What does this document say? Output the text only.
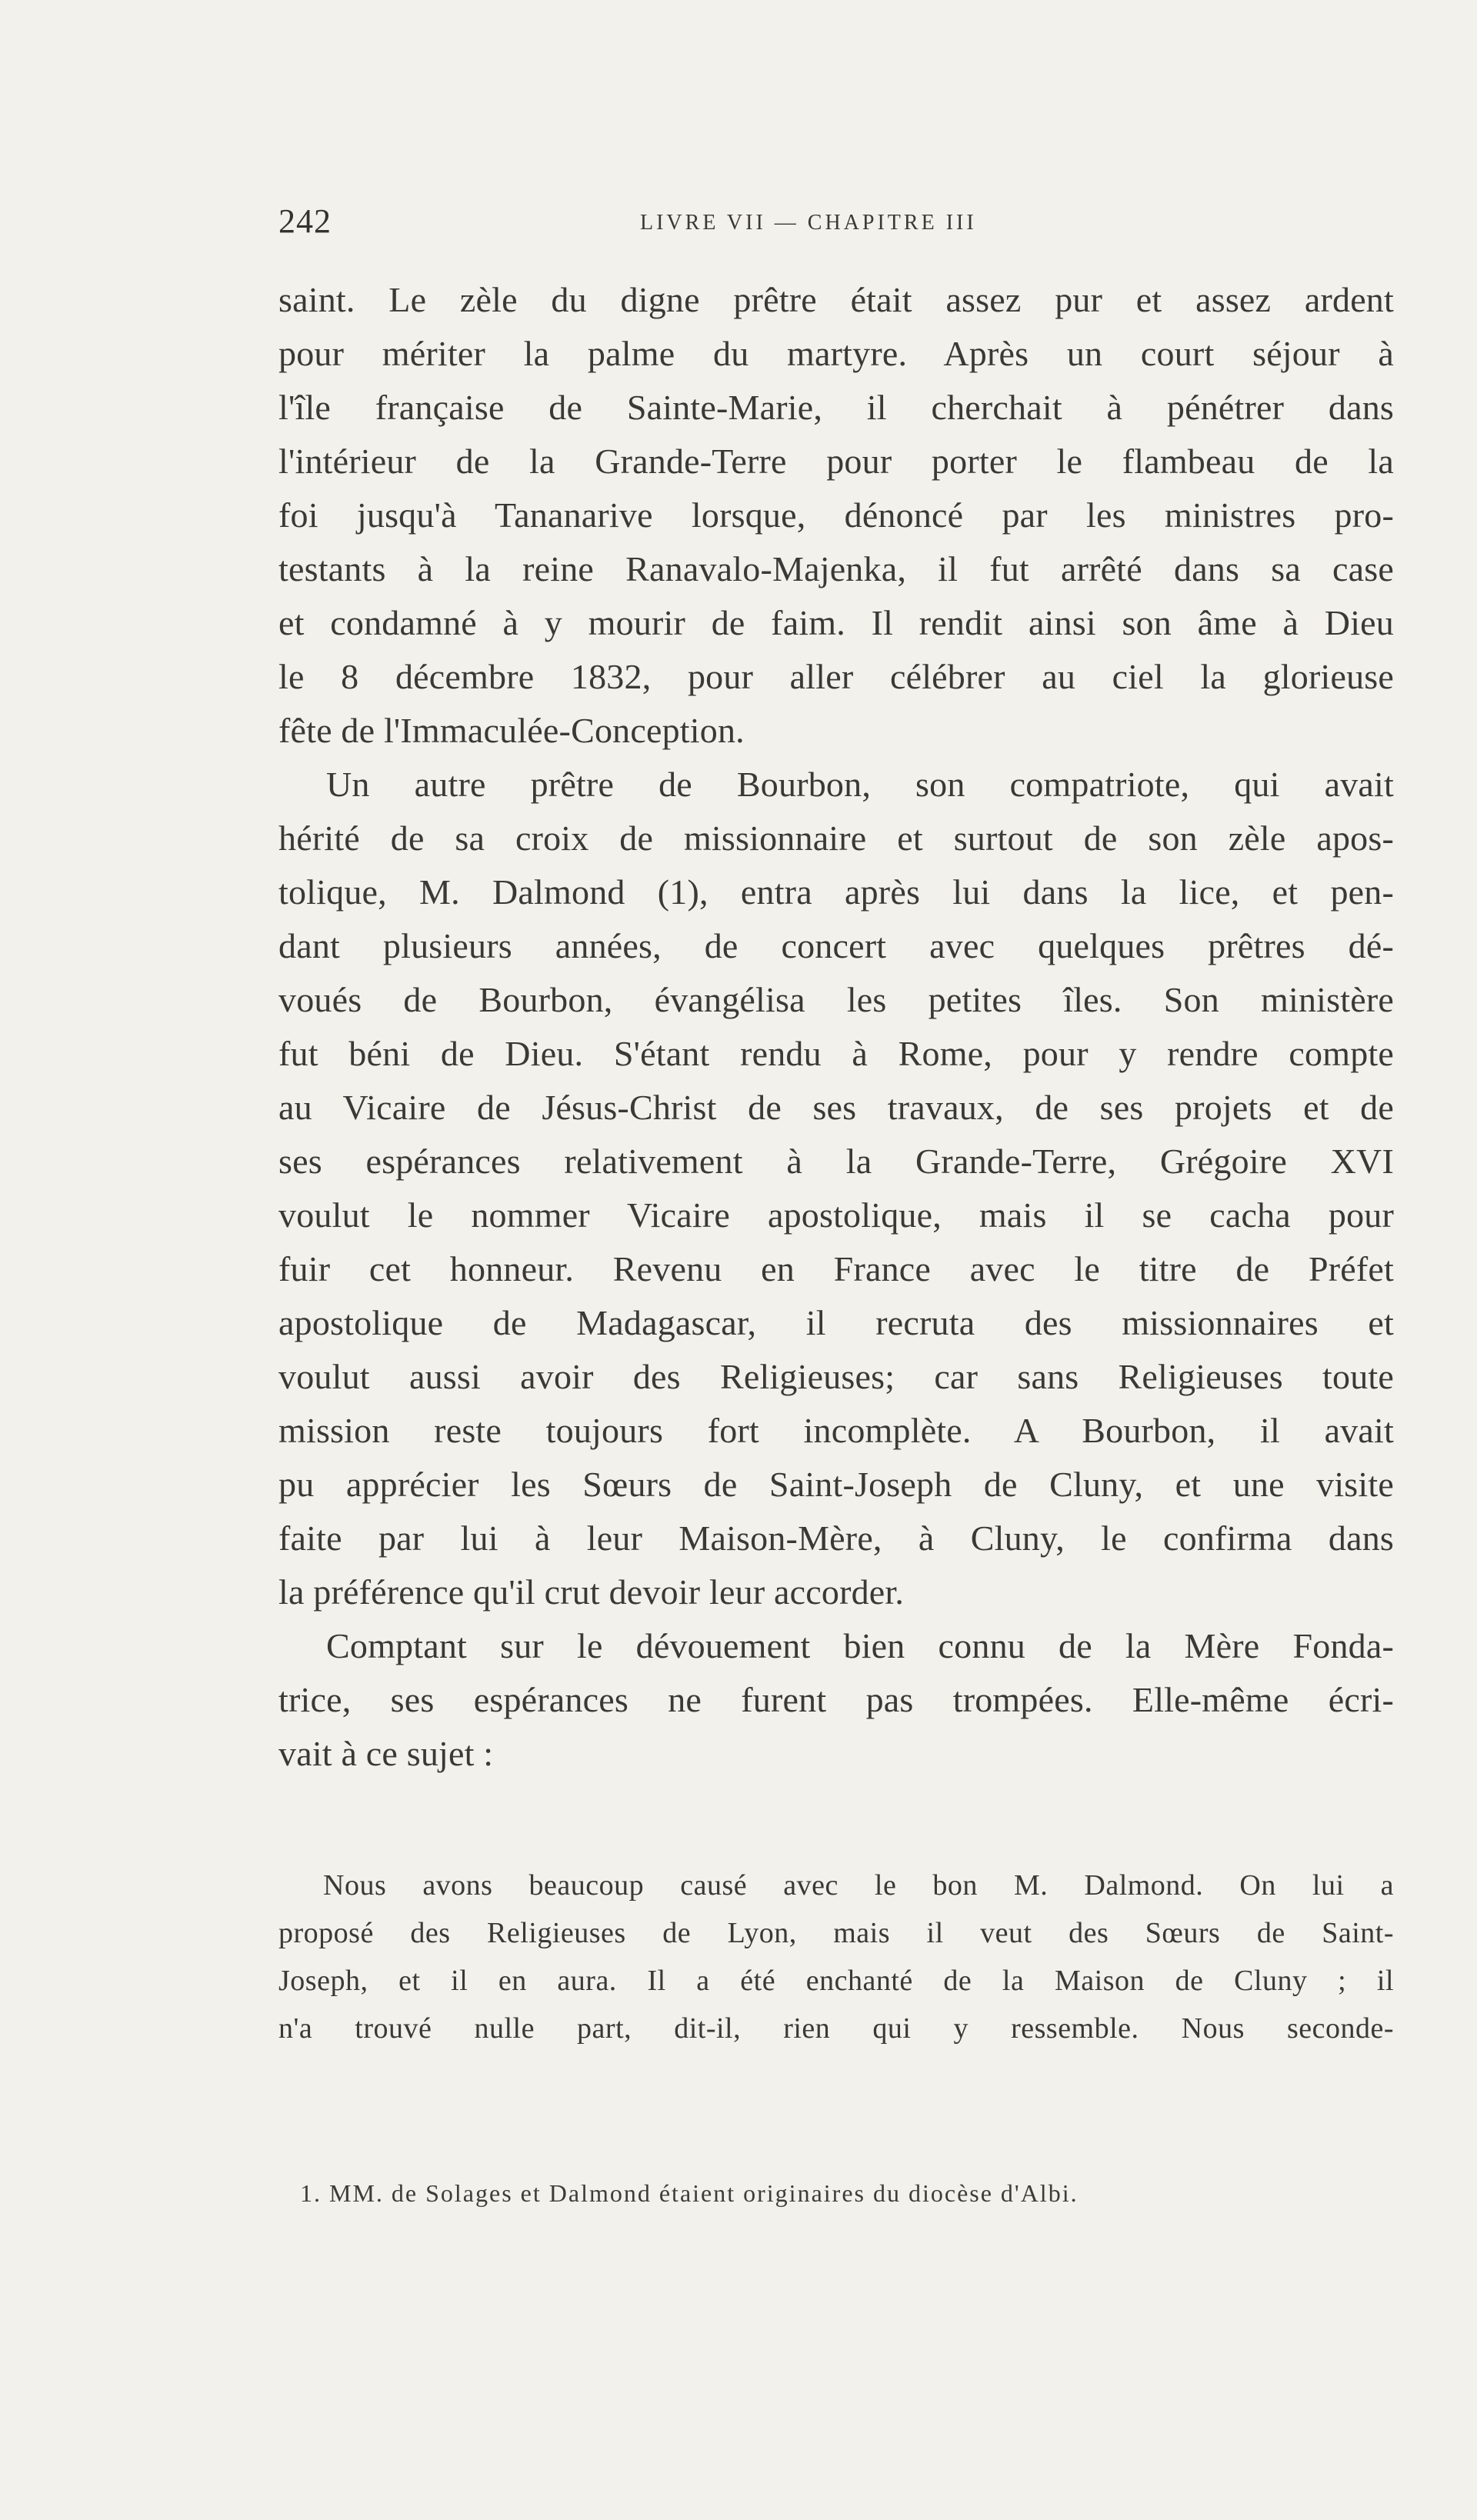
242	LIVRE VII — CHAPITRE III
saint. Le zèle du digne prêtre était assez pur et assez ardent
pour mériter la palme du martyre. Après un court séjour à
l'île française de Sainte-Marie, il cherchait à pénétrer dans
l'intérieur de la Grande-Terre pour porter le flambeau de la
foi jusqu'à Tananarive lorsque, dénoncé par les ministres pro-
testants à la reine Ranavalo-Majenka, il fut arrêté dans sa case
et condamné à y mourir de faim. Il rendit ainsi son âme à Dieu
le 8 décembre 1832, pour aller célébrer au ciel la glorieuse
fête de l'Immaculée-Conception.
Un autre prêtre de Bourbon, son compatriote, qui avait
hérité de sa croix de missionnaire et surtout de son zèle apos-
tolique, M. Dalmond (1), entra après lui dans la lice, et pen-
dant plusieurs années, de concert avec quelques prêtres dé-
voués de Bourbon, évangélisa les petites îles. Son ministère
fut béni de Dieu. S'étant rendu à Rome, pour y rendre compte
au Vicaire de Jésus-Christ de ses travaux, de ses projets et de
ses espérances relativement à la Grande-Terre, Grégoire XVI
voulut le nommer Vicaire apostolique, mais il se cacha pour
fuir cet honneur. Revenu en France avec le titre de Préfet
apostolique de Madagascar, il recruta des missionnaires et
voulut aussi avoir des Religieuses; car sans Religieuses toute
mission reste toujours fort incomplète. A Bourbon, il avait
pu apprécier les Sœurs de Saint-Joseph de Cluny, et une visite
faite par lui à leur Maison-Mère, à Cluny, le confirma dans
la préférence qu'il crut devoir leur accorder.
Comptant sur le dévouement bien connu de la Mère Fonda-
trice, ses espérances ne furent pas trompées. Elle-même écri-
vait à ce sujet :
Nous avons beaucoup causé avec le bon M. Dalmond. On lui a
proposé des Religieuses de Lyon, mais il veut des Sœurs de Saint-
Joseph, et il en aura. Il a été enchanté de la Maison de Cluny ; il
n'a trouvé nulle part, dit-il, rien qui y ressemble. Nous seconde-
1. MM. de Solages et Dalmond étaient originaires du diocèse d'Albi.
